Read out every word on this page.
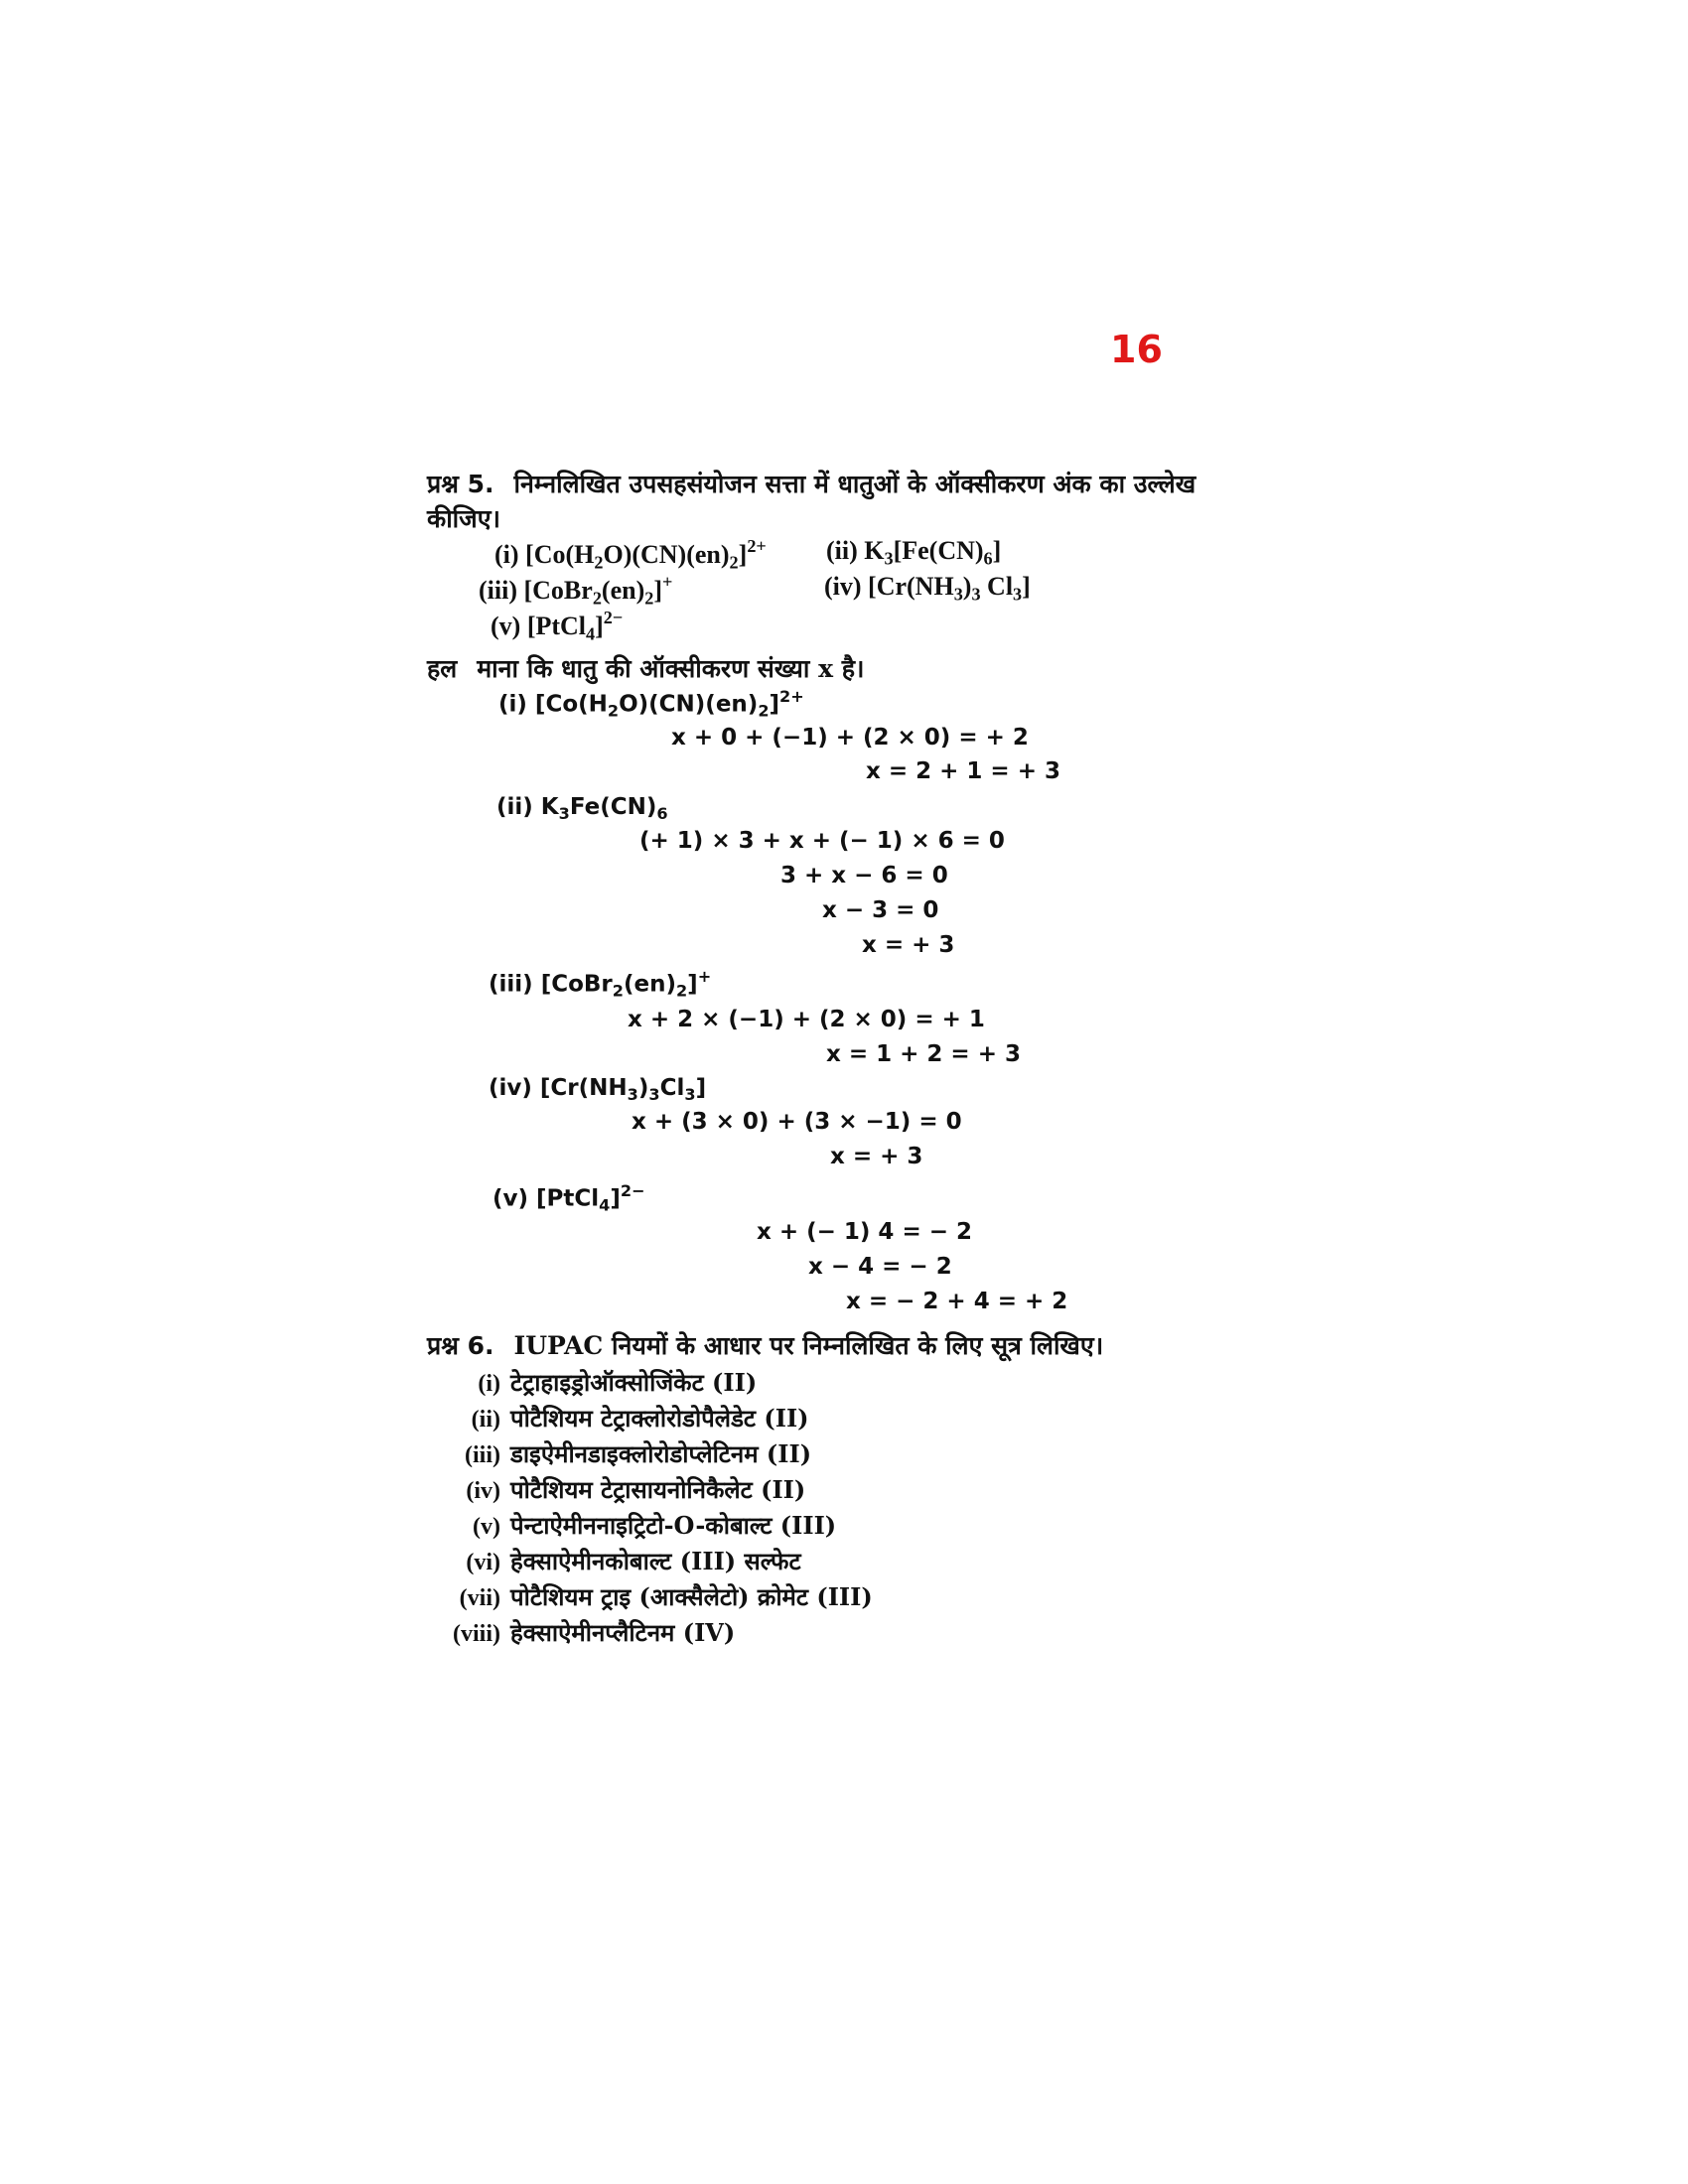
16
प्रश्न 5. निम्नलिखित उपसहसंयोजन सत्ता में धातुओं के ऑक्सीकरण अंक का उल्लेख
कीजिए।
(i) $[Co(H_2O)(CN)(en)_2]^{2+}$ (ii) $K_3[Fe(CN)_6]$
(iii) $[CoBr_2(en)_2]^+$	(iv) [$Cr(NH_3)_3$ $Cl_3$]
(v) [PtCl$_4$]$^{2-}$
हल माना कि धातु की ऑक्सीकरण संख्या x है।
(i) $[Co(H_2O)(CN)(en)_2]^{2+}$
x + 0 + (−1) + (2 × 0) = + 2
x = 2 + 1 = + 3
(ii) $K_3Fe(CN)_6$
(+ 1) × 3 + x + (− 1) × 6 = 0
3 + x − 6 = 0
x − 3 = 0
x = + 3
(iii) $[CoBr_2(en)_2]^+$
x + 2 × (−1) + (2 × 0) = + 1
x = 1 + 2 = + 3
(iv) $[Cr(NH_3)_3Cl_3]$
x + (3 × 0) + (3 × −1) = 0
x = + 3
(v) [PtCl$_4$]$^{2-}$
x + (− 1) 4 = − 2
x − 4 = − 2
x = − 2 + 4 = + 2
प्रश्न 6. IUPAC नियमों के आधार पर निम्नलिखित के लिए सूत्र लिखिए।
(i) टेट्राहाइड्रोऑक्सोजिंकेट (II)
(ii) पोटैशियम टेट्राक्लोरोडोपैलेडेट (II)
(iii) डाइऐमीनडाइक्लोरोडोप्लेटिनम (II)
(iv) पोटैशियम टेट्रासायनोनिकैलेट (II)
(v) पेन्टाऐमीननाइट्रिटो-O-कोबाल्ट (III)
(vi) हेक्साऐमीनकोबाल्ट (III) सल्फेट
(vii) पोटैशियम ट्राइ (आक्सैलेटो) क्रोमेट (III)
(viii) हेक्साऐमीनप्लैटिनम (IV)
